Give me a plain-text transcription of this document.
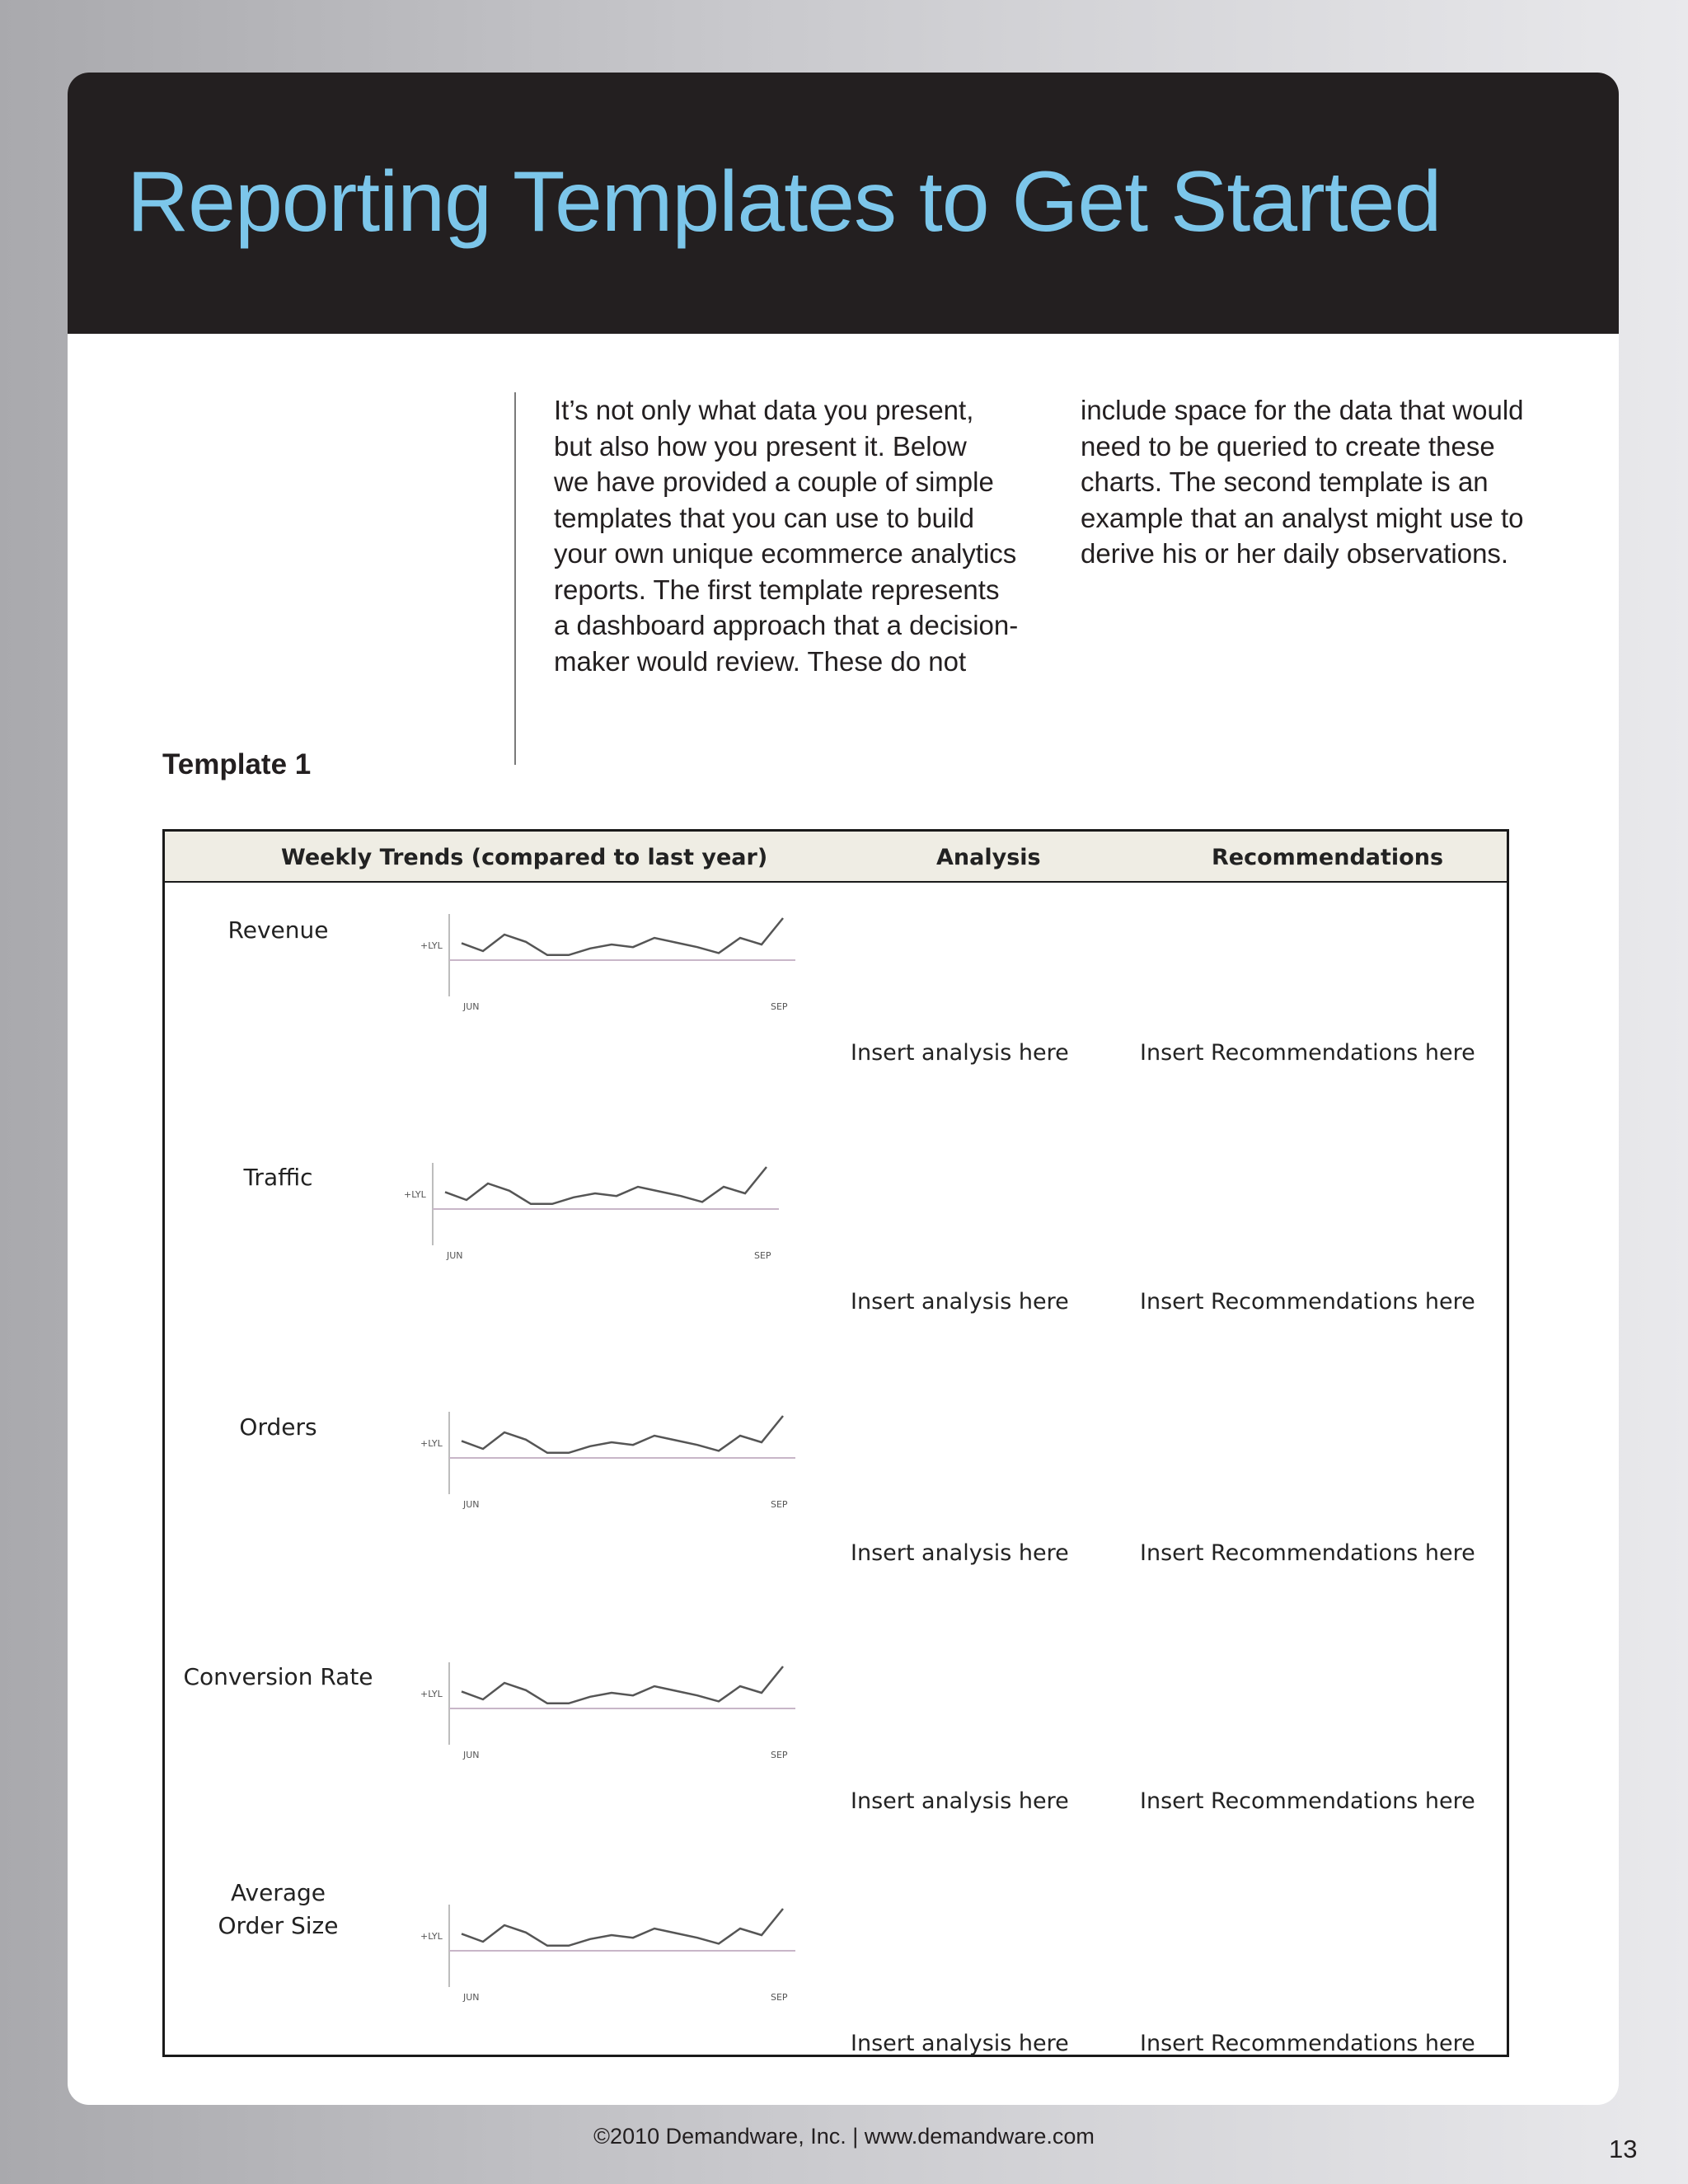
Reporting Templates to Get Started

It’s not only what data you present,

but also how you present it. Below

we have provided a couple of simple

templates that you can use to build

your own unique ecommerce analytics

reports. The first template represents

a dashboard approach that a decision-

maker would review. These do not

include space for the data that would

need to be queried to create these

charts. The second template is an

example that an analyst might use to

derive his or her daily observations.

Template 1
Weekly Trends (compared to last year)	Analysis	Recommendations
Revenue
+LYL
JUN	SEP
Insert analysis here	Insert Recommendations here
Traffic
+LYL
JUN	SEP
Insert analysis here	Insert Recommendations here
Orders
+LYL
JUN	SEP
Insert analysis here	Insert Recommendations here
Conversion Rate
+LYL
JUN	SEP
Insert analysis here	Insert Recommendations here
Average Order Size	+LYL
JUN	SEP
Insert analysis here	Insert Recommendations here
©2010 Demandware, Inc. | www.demandware.com	13
